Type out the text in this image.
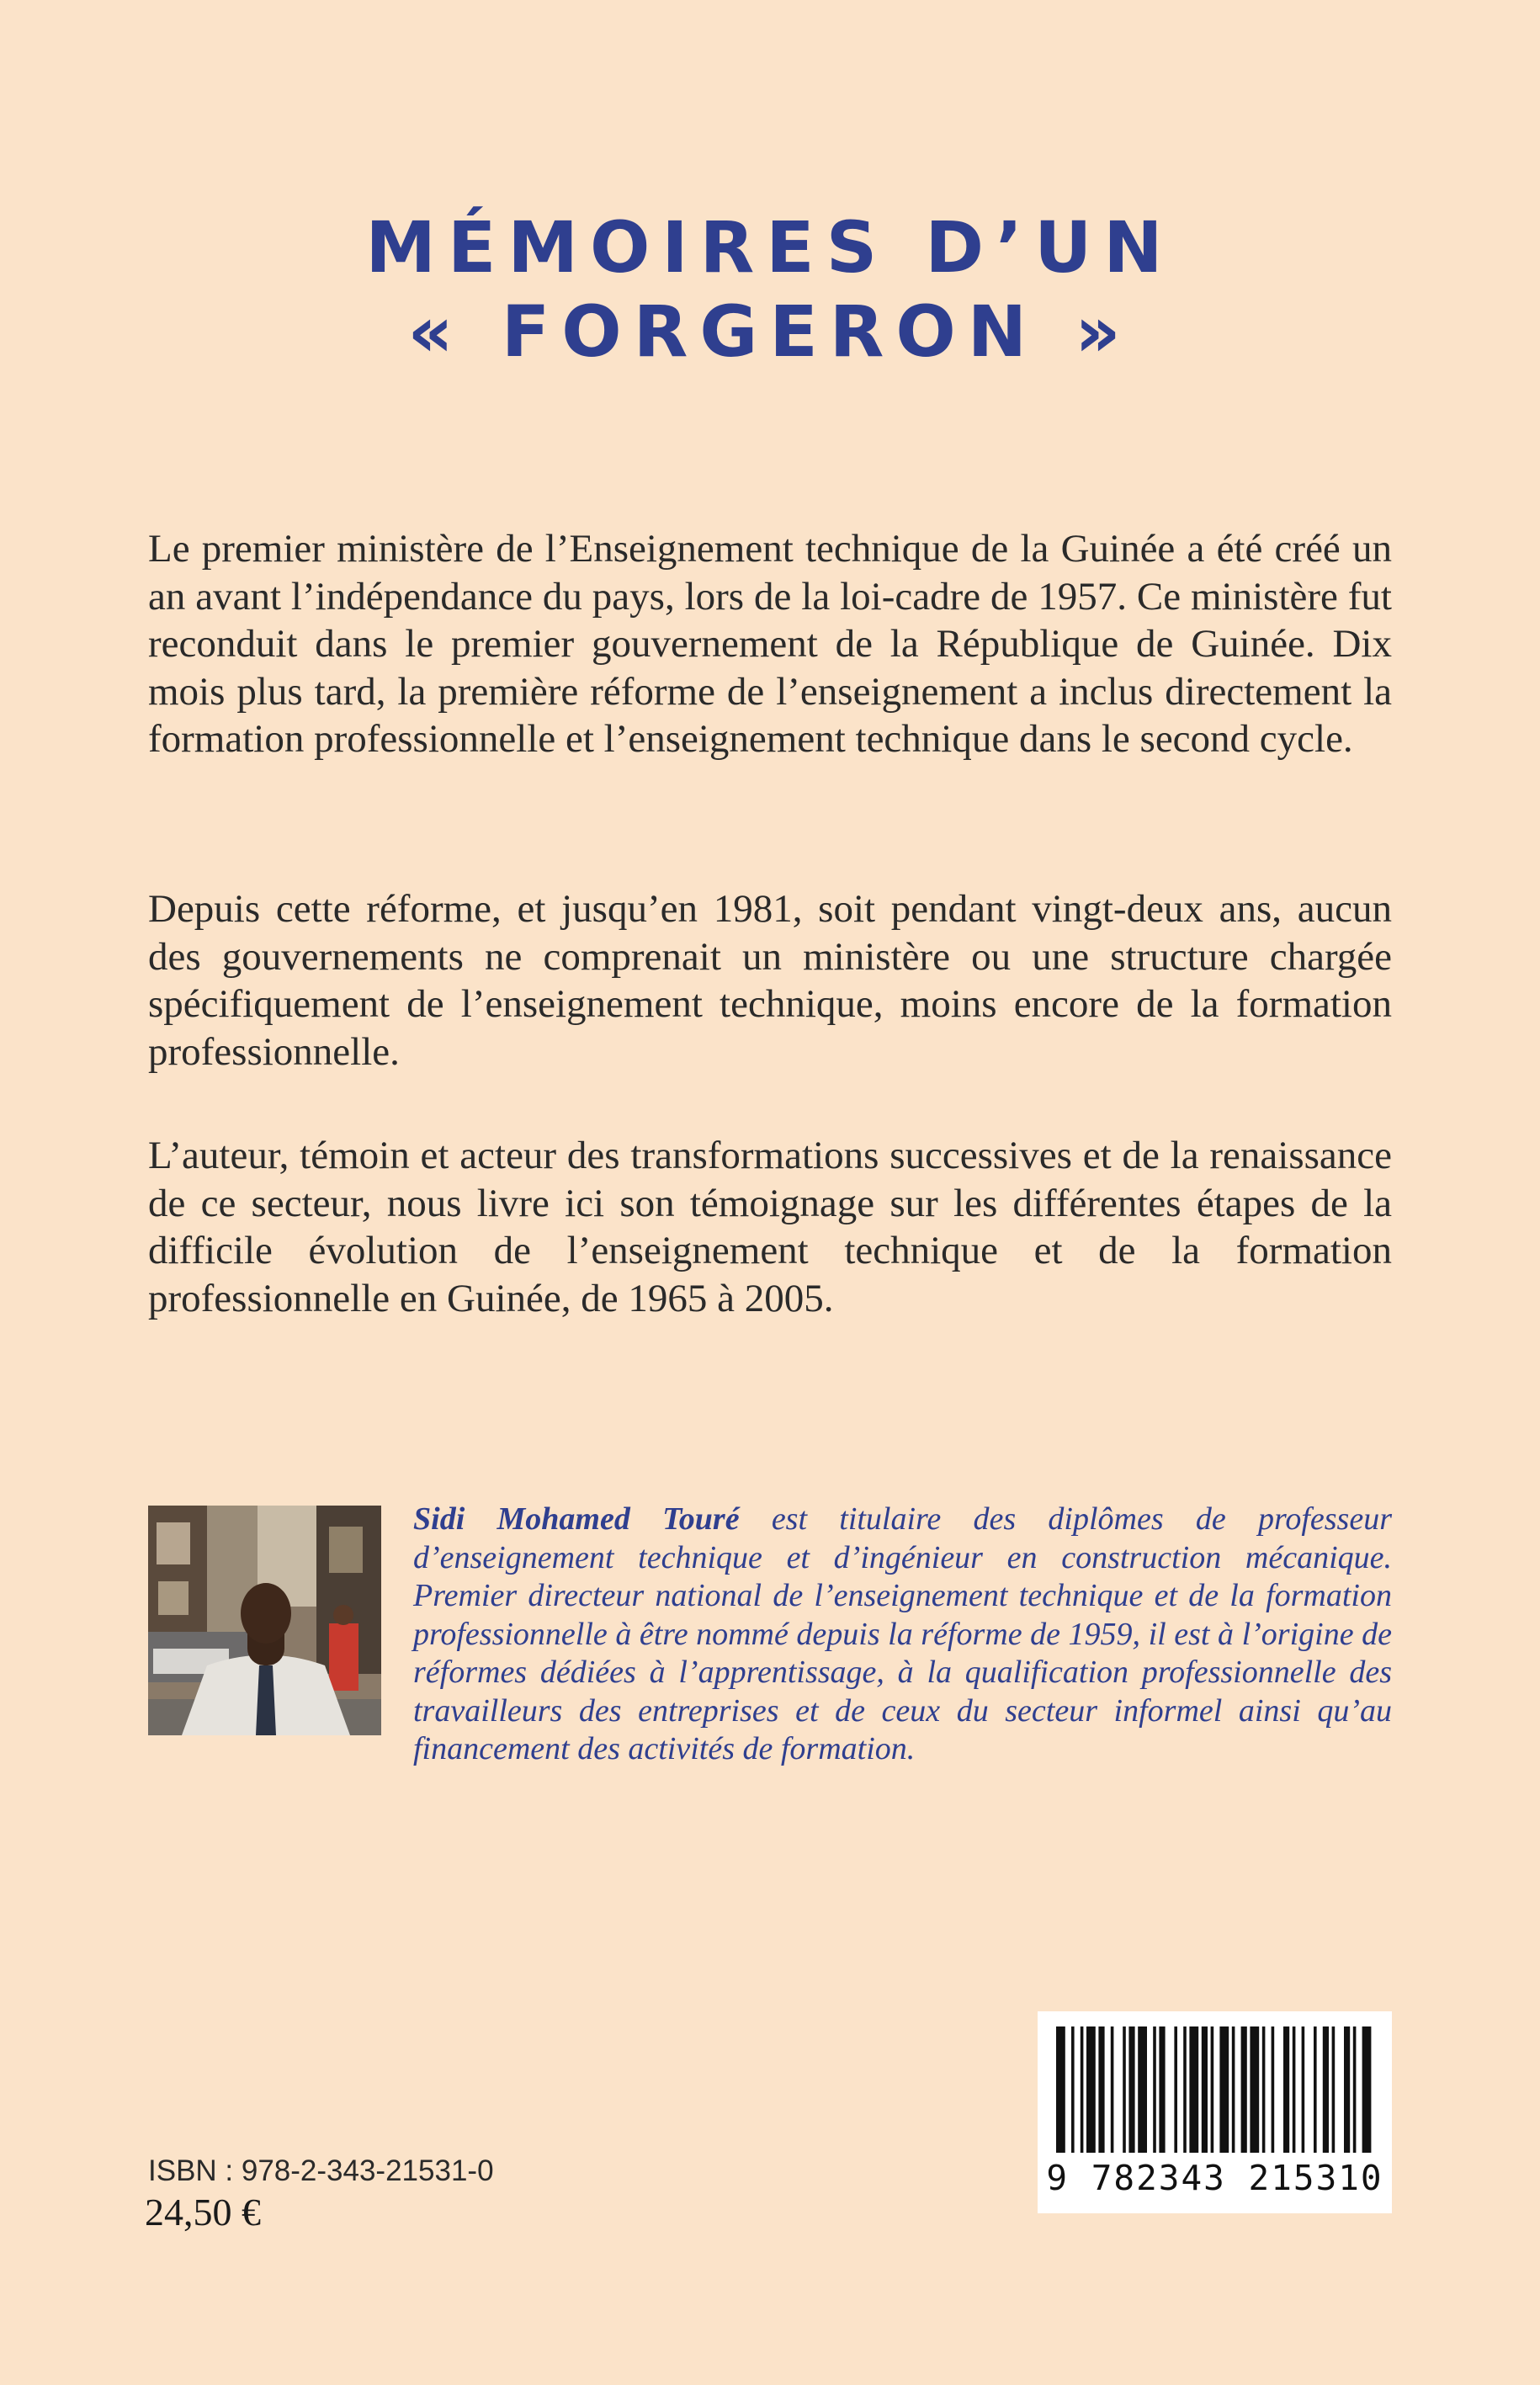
MÉMOIRES D’UN
« FORGERON »

Le premier ministère de l’Enseignement technique de la Guinée a été créé un an avant l’indépendance du pays, lors de la loi-cadre de 1957. Ce ministère fut reconduit dans le premier gouvernement de la République de Guinée. Dix mois plus tard, la première réforme de l’enseignement a inclus directement la formation professionnelle et l’enseignement technique dans le second cycle.

Depuis cette réforme, et jusqu’en 1981, soit pendant vingt-deux ans, aucun des gouvernements ne comprenait un ministère ou une structure chargée spécifiquement de l’enseignement technique, moins encore de la formation professionnelle.

L’auteur, témoin et acteur des transformations successives et de la renaissance de ce secteur, nous livre ici son témoignage sur les différentes étapes de la difficile évolution de l’enseignement technique et de la formation professionnelle en Guinée, de 1965 à 2005.

Sidi Mohamed Touré est titulaire des diplômes de professeur d’enseignement technique et d’ingénieur en construction mécanique. Premier directeur national de l’enseignement technique et de la formation professionnelle à être nommé depuis la réforme de 1959, il est à l’origine de réformes dédiées à l’apprentissage, à la qualification professionnelle des travailleurs des entreprises et de ceux du secteur informel ainsi qu’au financement des activités de formation.

ISBN : 978-2-343-21531-0

24,50 €

9 782343 215310
